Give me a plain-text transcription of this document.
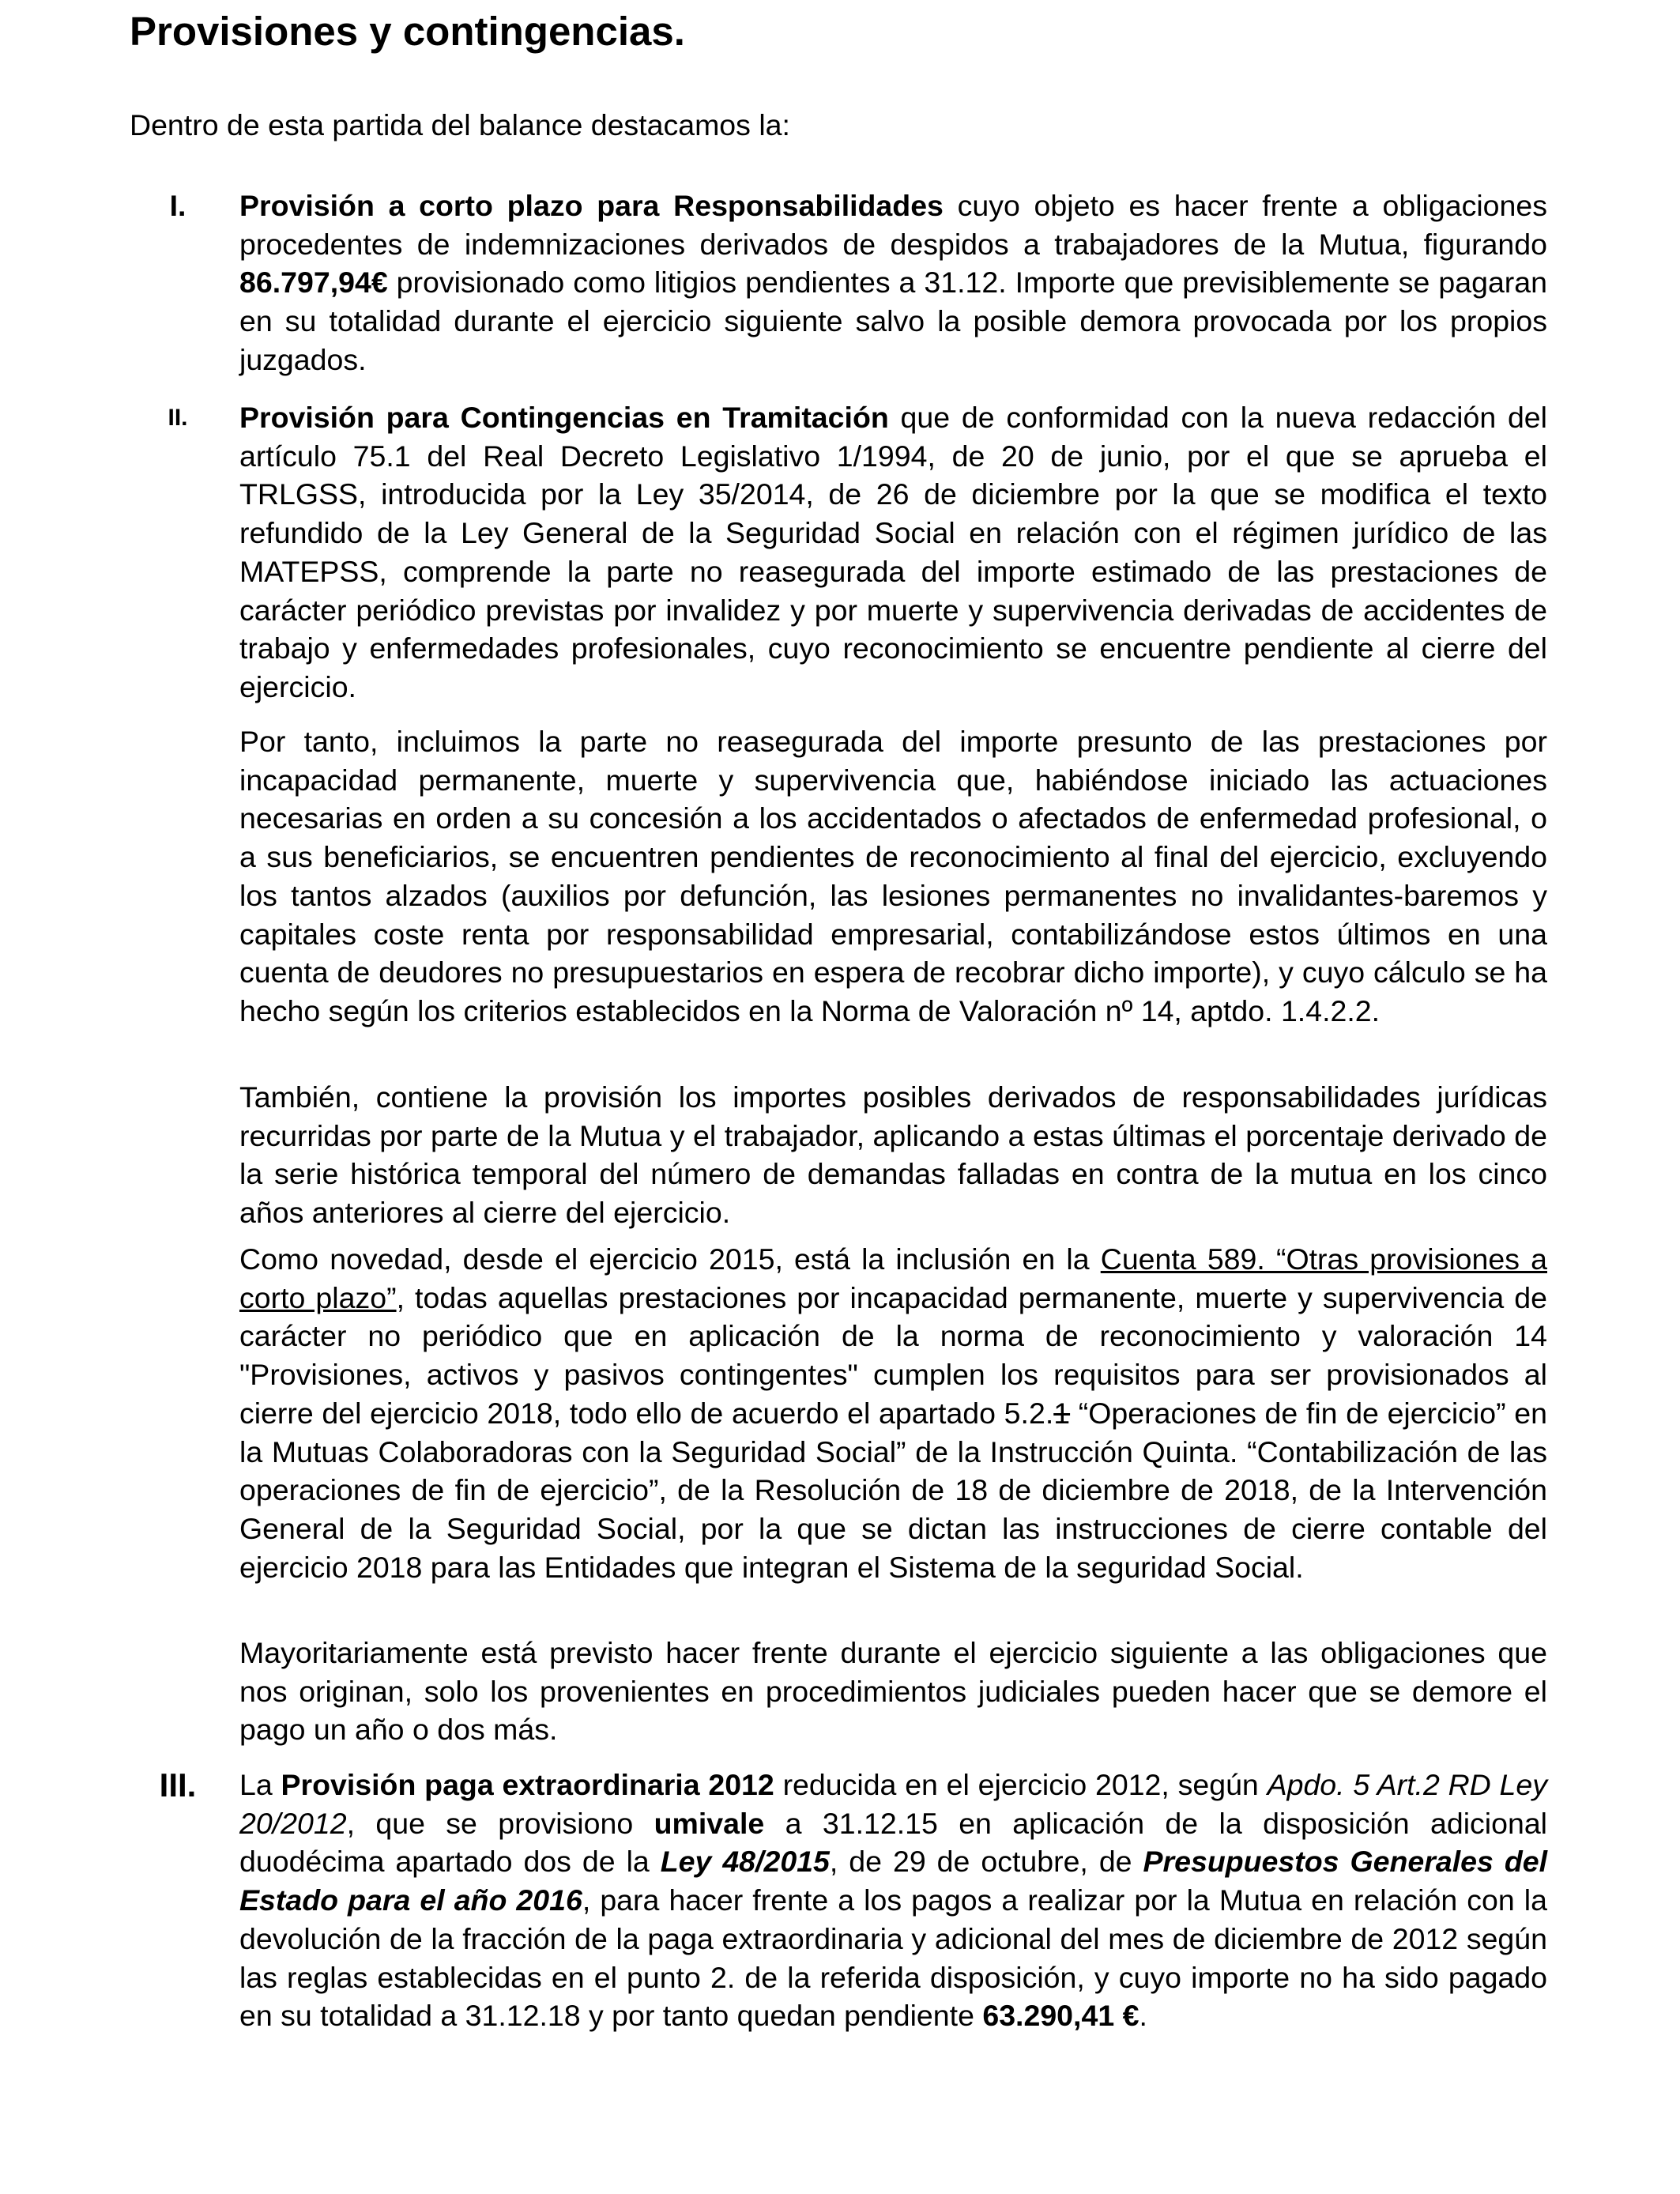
Provisiones y contingencias.

Dentro de esta partida del balance destacamos la:

I.	Provisión a corto plazo para Responsabilidades cuyo objeto es hacer frente a obligaciones procedentes de indemnizaciones derivados de despidos a trabajadores de la Mutua, figurando 86.797,94€ provisionado como litigios pendientes a 31.12. Importe que previsiblemente se pagaran en su totalidad durante el ejercicio siguiente salvo la posible demora provocada por los propios juzgados.

II.	Provisión para Contingencias en Tramitación que de conformidad con la nueva redacción del artículo 75.1 del Real Decreto Legislativo 1/1994, de 20 de junio, por el que se aprueba el TRLGSS, introducida por la Ley 35/2014, de 26 de diciembre por la que se modifica el texto refundido de la Ley General de la Seguridad Social en relación con el régimen jurídico de las MATEPSS, comprende la parte no reasegurada del importe estimado de las prestaciones de carácter periódico previstas por invalidez y por muerte y supervivencia derivadas de accidentes de trabajo y enfermedades profesionales, cuyo reconocimiento se encuentre pendiente al cierre del ejercicio.

Por tanto, incluimos la parte no reasegurada del importe presunto de las prestaciones por incapacidad permanente, muerte y supervivencia que, habiéndose iniciado las actuaciones necesarias en orden a su concesión a los accidentados o afectados de enfermedad profesional, o a sus beneficiarios, se encuentren pendientes de reconocimiento al final del ejercicio, excluyendo los tantos alzados (auxilios por defunción, las lesiones permanentes no invalidantes-baremos y capitales coste renta por responsabilidad empresarial, contabilizándose estos últimos en una cuenta de deudores no presupuestarios en espera de recobrar dicho importe), y cuyo cálculo se ha hecho según los criterios establecidos en la Norma de Valoración nº 14, aptdo. 1.4.2.2.

También, contiene la provisión los importes posibles derivados de responsabilidades jurídicas recurridas por parte de la Mutua y el trabajador, aplicando a estas últimas el porcentaje derivado de la serie histórica temporal del número de demandas falladas en contra de la mutua en los cinco años anteriores al cierre del ejercicio.

Como novedad, desde el ejercicio 2015, está la inclusión en la Cuenta 589. “Otras provisiones a corto plazo”, todas aquellas prestaciones por incapacidad permanente, muerte y supervivencia de carácter no periódico que en aplicación de la norma de reconocimiento y valoración 14 "Provisiones, activos y pasivos contingentes" cumplen los requisitos para ser provisionados al cierre del ejercicio 2018, todo ello de acuerdo el apartado 5.2.1 “Operaciones de fin de ejercicio” en la Mutuas Colaboradoras con la Seguridad Social” de la Instrucción Quinta. “Contabilización de las operaciones de fin de ejercicio”, de la Resolución de 18 de diciembre de 2018, de la Intervención General de la Seguridad Social, por la que se dictan las instrucciones de cierre contable del ejercicio 2018 para las Entidades que integran el Sistema de la seguridad Social.

Mayoritariamente está previsto hacer frente durante el ejercicio siguiente a las obligaciones que nos originan, solo los provenientes en procedimientos judiciales pueden hacer que se demore el pago un año o dos más.

III. La Provisión paga extraordinaria 2012 reducida en el ejercicio 2012, según Apdo. 5 Art.2 RD Ley 20/2012, que se provisiono umivale a 31.12.15 en aplicación de la disposición adicional duodécima apartado dos de la Ley 48/2015, de 29 de octubre, de Presupuestos Generales del Estado para el año 2016, para hacer frente a los pagos a realizar por la Mutua en relación con la devolución de la fracción de la paga extraordinaria y adicional del mes de diciembre de 2012 según las reglas establecidas en el punto 2. de la referida disposición, y cuyo importe no ha sido pagado en su totalidad a 31.12.18 y por tanto quedan pendiente 63.290,41 €.
